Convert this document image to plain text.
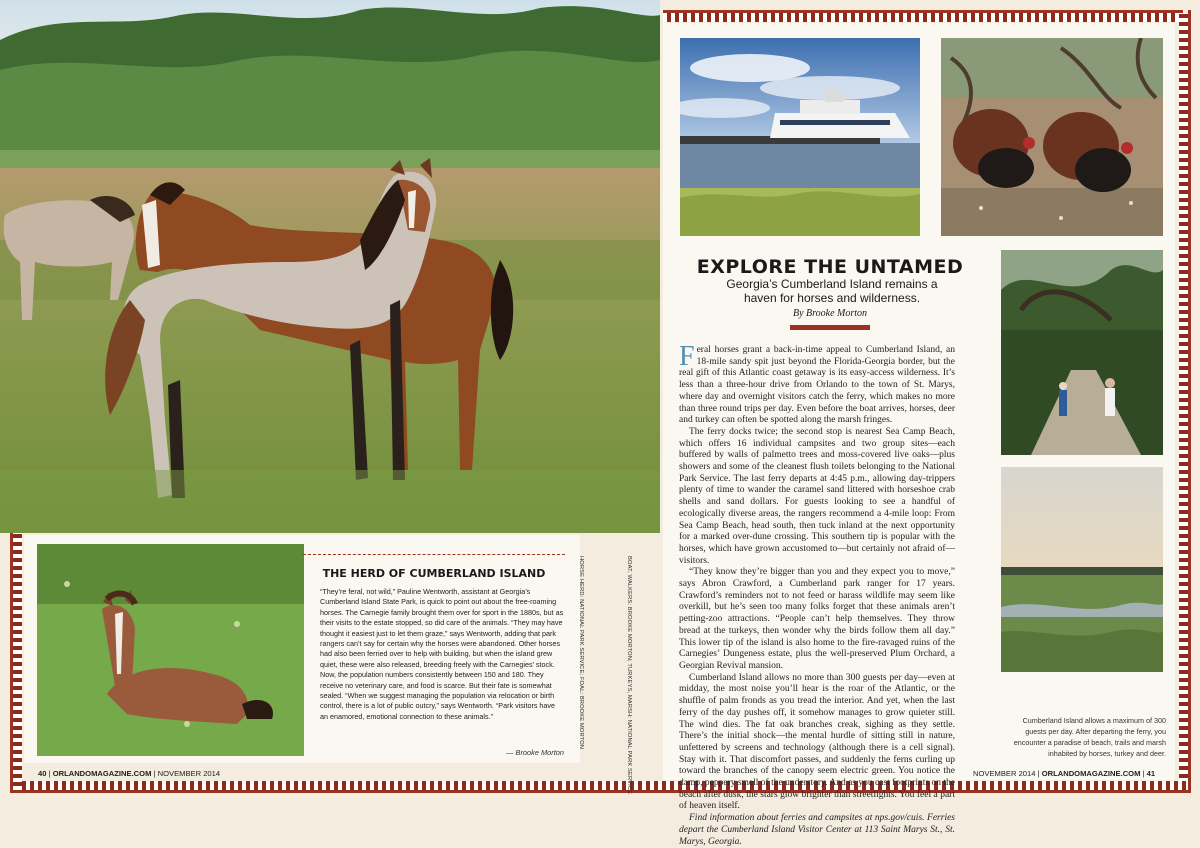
EXPLORE THE UNTAMED
Georgia’s Cumberland Island remains a haven for horses and wilderness.
By Brooke Morton

Feral horses grant a back-in-time appeal to Cumberland Island, an 18-mile sandy spit just beyond the Florida-Georgia border, but the real gift of this Atlantic coast getaway is its easy-access wilderness. It’s less than a three-hour drive from Orlando to the town of St. Marys, where day and overnight visitors catch the ferry, which makes no more than three round trips per day. Even before the boat arrives, horses, deer and turkey can often be spotted along the marsh fringes.

The ferry docks twice; the second stop is nearest Sea Camp Beach, which offers 16 individual campsites and two group sites—each buffered by walls of palmetto trees and moss-covered live oaks—plus showers and some of the cleanest flush toilets belonging to the National Park Service. The last ferry departs at 4:45 p.m., allowing day-trippers plenty of time to wander the caramel sand littered with horseshoe crab shells and sand dollars. For guests looking to see a handful of ecologically diverse areas, the rangers recommend a 4-mile loop: From Sea Camp Beach, head south, then tuck inland at the next opportunity for a marked over-dune crossing. This southern tip is popular with the horses, which have grown accustomed to—but certainly not afraid of—visitors.

“They know they’re bigger than you and they expect you to move,” says Abron Crawford, a Cumberland park ranger for 17 years. Crawford’s reminders not to not feed or harass wildlife may seem like overkill, but he’s seen too many folks forget that these animals aren’t petting-zoo attractions. “People can’t help themselves. They throw bread at the turkeys, then wonder why the birds follow them all day.” This lower tip of the island is also home to the fire-ravaged ruins of the Carnegies’ Dungeness estate, plus the well-preserved Plum Orchard, a Georgian Revival mansion.

Cumberland Island allows no more than 300 guests per day—even at midday, the most noise you’ll hear is the roar of the Atlantic, or the shuffle of palm fronds as you tread the interior. And yet, when the last ferry of the day pushes off, it somehow manages to grow quieter still. The wind dies. The fat oak branches creak, sighing as they settle. There’s the initial shock—the mental hurdle of sitting still in nature, unfettered by screens and technology (although there is a cell signal). Stay with it. That discomfort passes, and suddenly the ferns curling up toward the branches of the canopy seem electric green. You notice the damp, peppery smell of the understory. And as you cast footprints on the beach after dusk, the stars glow brighter than streetlights. You feel a part of heaven itself.

Find information about ferries and campsites at nps.gov/cuis. Ferries depart the Cumberland Island Visitor Center at 113 Saint Marys St., St. Marys, Georgia.

Cumberland Island allows a maximum of 300 guests per day. After departing the ferry, you encounter a paradise of beach, trails and marsh inhabited by horses, turkey and deer.
THE HERD OF CUMBERLAND ISLAND
“They’re feral, not wild,” Pauline Wentworth, assistant at Georgia’s Cumberland Island State Park, is quick to point out about the free-roaming horses. The Carnegie family brought them over for sport in the 1880s, but as their visits to the estate stopped, so did care of the animals. “They may have thought it easiest just to let them graze,” says Wentworth, adding that park rangers can’t say for certain why the horses were abandoned. Other horses had also been ferried over to help with building, but when the island grew quiet, these were also released, breeding freely with the Carnegies’ stock. Now, the population numbers consistently between 150 and 180. They receive no veterinary care, and food is scarce. But their fate is somewhat sealed. “When we suggest managing the population via relocation or birth control, there is a lot of public outcry,” says Wentworth. “Park visitors have an enamored, emotional connection to these animals.”
— Brooke Morton
HORSE HERD: NATIONAL PARK SERVICE; FOAL: BROOKE MORTON	BOAT, WALKERS: BROOKE MORTON; TURKEYS, MARSH: NATIONAL PARK SERVICE
40 | ORLANDOMAGAZINE.COM | NOVEMBER 2014	NOVEMBER 2014 | ORLANDOMAGAZINE.COM | 41
